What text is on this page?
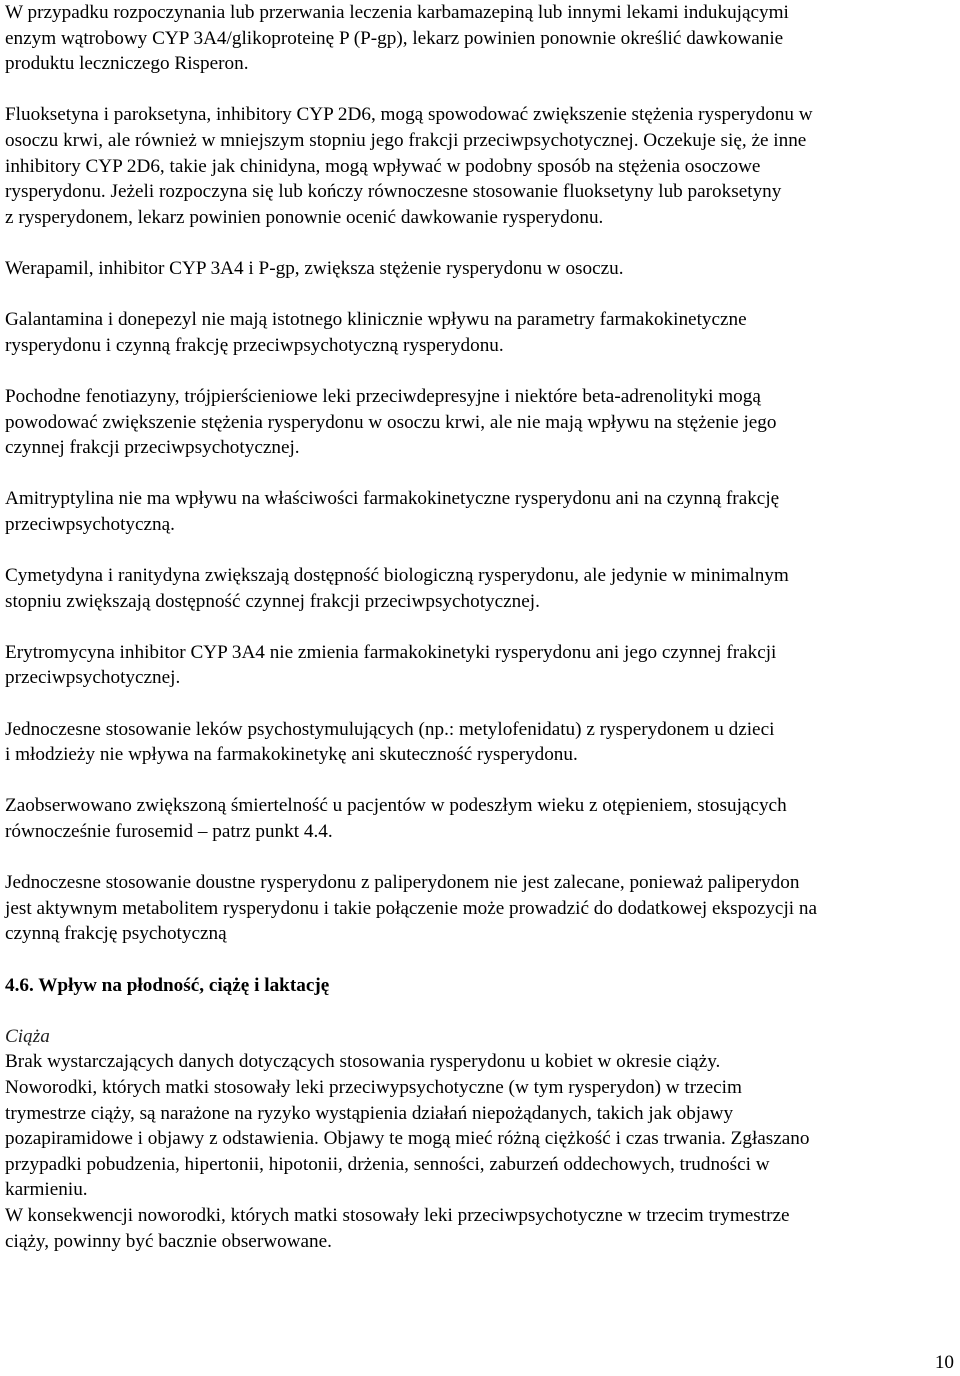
W przypadku rozpoczynania lub przerwania leczenia karbamazepiną lub innymi lekami indukującymi
enzym wątrobowy CYP 3A4/glikoproteinę P (P-gp), lekarz powinien ponownie określić dawkowanie
produktu leczniczego Risperon.

Fluoksetyna i paroksetyna, inhibitory CYP 2D6, mogą spowodować zwiększenie stężenia rysperydonu w
osoczu krwi, ale również w mniejszym stopniu jego frakcji przeciwpsychotycznej. Oczekuje się, że inne
inhibitory CYP 2D6, takie jak chinidyna, mogą wpływać w podobny sposób na stężenia osoczowe
rysperydonu. Jeżeli rozpoczyna się lub kończy równoczesne stosowanie fluoksetyny lub paroksetyny
z rysperydonem, lekarz powinien ponownie ocenić dawkowanie rysperydonu.

Werapamil, inhibitor CYP 3A4 i P-gp, zwiększa stężenie rysperydonu w osoczu.

Galantamina i donepezyl nie mają istotnego klinicznie wpływu na parametry farmakokinetyczne
rysperydonu i czynną frakcję przeciwpsychotyczną rysperydonu.

Pochodne fenotiazyny, trójpierścieniowe leki przeciwdepresyjne i niektóre beta-adrenolityki mogą
powodować zwiększenie stężenia rysperydonu w osoczu krwi, ale nie mają wpływu na stężenie jego
czynnej frakcji przeciwpsychotycznej.

Amitryptylina nie ma wpływu na właściwości farmakokinetyczne rysperydonu ani na czynną frakcję
przeciwpsychotyczną.

Cymetydyna i ranitydyna zwiększają dostępność biologiczną rysperydonu, ale jedynie w minimalnym
stopniu zwiększają dostępność czynnej frakcji przeciwpsychotycznej.

Erytromycyna inhibitor CYP 3A4 nie zmienia farmakokinetyki rysperydonu ani jego czynnej frakcji
przeciwpsychotycznej.

Jednoczesne stosowanie leków psychostymulujących (np.: metylofenidatu) z rysperydonem u dzieci
i młodzieży nie wpływa na farmakokinetykę ani skuteczność rysperydonu.

Zaobserwowano zwiększoną śmiertelność u pacjentów w podeszłym wieku z otępieniem, stosujących
równocześnie furosemid – patrz punkt 4.4.

Jednoczesne stosowanie doustne rysperydonu z paliperydonem nie jest zalecane, ponieważ paliperydon
jest aktywnym metabolitem rysperydonu i takie połączenie może prowadzić do dodatkowej ekspozycji na
czynną frakcję psychotyczną

4.6. Wpływ na płodność, ciążę i laktację

Ciąża

Brak wystarczających danych dotyczących stosowania rysperydonu u kobiet w okresie ciąży.
Noworodki, których matki stosowały leki przeciwypsychotyczne (w tym rysperydon) w trzecim
trymestrze ciąży, są narażone na ryzyko wystąpienia działań niepożądanych, takich jak objawy
pozapiramidowe i objawy z odstawienia. Objawy te mogą mieć różną ciężkość i czas trwania. Zgłaszano
przypadki pobudzenia, hipertonii, hipotonii, drżenia, senności, zaburzeń oddechowych, trudności w
karmieniu.
W konsekwencji noworodki, których matki stosowały leki przeciwpsychotyczne w trzecim trymestrze
ciąży, powinny być bacznie obserwowane.

10
